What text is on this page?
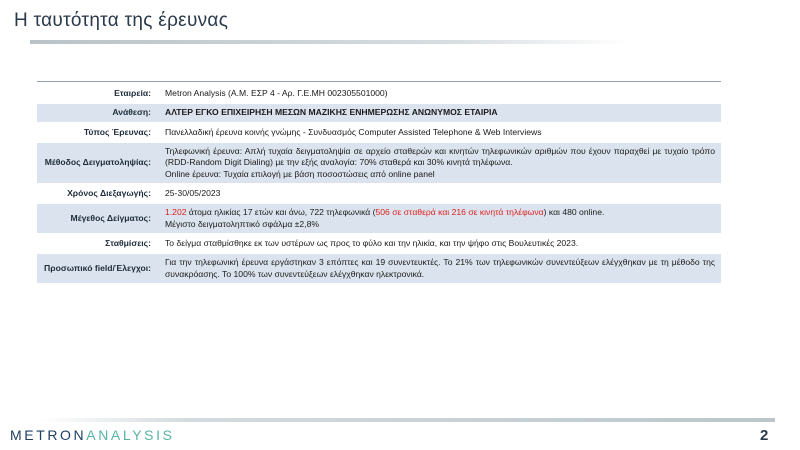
Η ταυτότητα της έρευνας
Εταιρεία:	Metron Analysis (Α.Μ. ΕΣΡ 4 - Αρ. Γ.Ε.ΜΗ 002305501000)
Ανάθεση:	ΑΛΤΕΡ ΕΓΚΟ ΕΠΙΧΕΙΡΗΣΗ ΜΕΣΩΝ ΜΑΖΙΚΗΣ ΕΝΗΜΕΡΩΣΗΣ ΑΝΩΝΥΜΟΣ ΕΤΑΙΡΙΑ
Τύπος Έρευνας:	Πανελλαδική έρευνα κοινής γνώμης - Συνδυασμός Computer Assisted Telephone & Web Interviews
Μέθοδος Δειγματοληψίας:	Τηλεφωνική έρευνα: Απλή τυχαία δειγματοληψία σε αρχείο σταθερών και κινητών τηλεφωνικών αριθμών που έχουν παραχθεί με τυχαίο τρόπο (RDD-Random Digit Dialing) με την εξής αναλογία: 70% σταθερά και 30% κινητά τηλέφωνα.
Online έρευνα: Τυχαία επιλογή με βάση ποσοστώσεις από online panel

Χρόνος Διεξαγωγής:	25-30/05/2023
Μέγεθος Δείγματος:	1.202 άτομα ηλικίας 17 ετών και άνω, 722 τηλεφωνικά (506 σε σταθερά και 216 σε κινητά τηλέφωνα) και 480 online.
Μέγιστο δειγματοληπτικό σφάλμα ±2,8%

Σταθμίσεις:	Το δείγμα σταθμίσθηκε εκ των υστέρων ως προς το φύλο και την ηλικία, και την ψήφο στις Βουλευτικές 2023.
Προσωπικό field/Έλεγχοι:	Για την τηλεφωνική έρευνα εργάστηκαν 3 επόπτες και 19 συνεντευκτές. Το 21% των τηλεφωνικών συνεντεύξεων ελέγχθηκαν με τη μέθοδο της συνακρόασης. Το 100% των συνεντεύξεων ελέγχθηκαν ηλεκτρονικά.
METRONANALYSIS	2
